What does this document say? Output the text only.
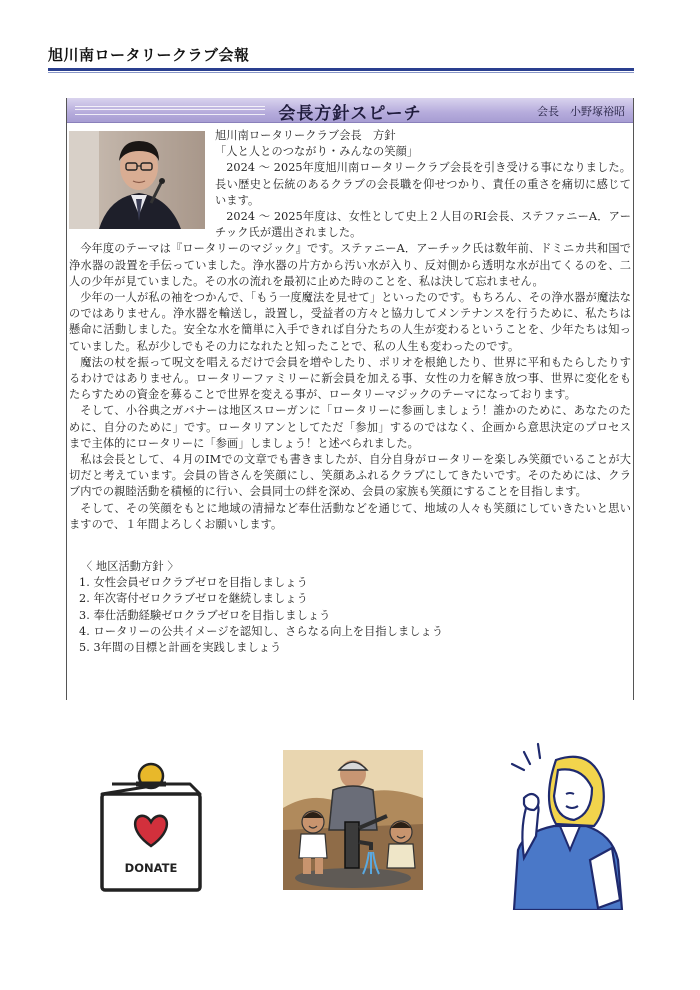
旭川南ロータリークラブ会報
会長方針スピーチ	会長　小野塚裕昭

旭川南ロータリークラブ会長　方針

「人と人とのつながり・みんなの笑顔」

2024 ～ 2025年度旭川南ロータリークラブ会長を引き受ける事になりました。長い歴史と伝統のあるクラブの会長職を仰せつかり、責任の重さを痛切に感じています。

2024 ～ 2025年度は、女性として史上２人目のRI会長、ステファニーA．アーチック氏が選出されました。

今年度のテーマは『ロータリーのマジック』です。ステァニーA．アーチック氏は数年前、ドミニカ共和国で浄水器の設置を手伝っていました。浄水器の片方から汚い水が入り、反対側から透明な水が出てくるのを、二人の少年が見ていました。その水の流れを最初に止めた時のことを、私は決して忘れません。

少年の一人が私の袖をつかんで、「もう一度魔法を見せて」といったのです。もちろん、その浄水器が魔法なのではありません。浄水器を輸送し，設置し，受益者の方々と協力してメンテナンスを行うために、私たちは懸命に活動しました。安全な水を簡単に入手できれば自分たちの人生が変わるということを、少年たちは知っていました。私が少しでもその力になれたと知ったことで、私の人生も変わったのです。

魔法の杖を振って呪文を唱えるだけで会員を増やしたり、ポリオを根絶したり、世界に平和もたらしたりするわけではありません。ロータリーファミリーに新会員を加える事、女性の力を解き放つ事、世界に変化をもたらすための資金を募ることで世界を変える事が、ロータリーマジックのテーマになっております。

そして、小谷典之ガバナーは地区スローガンに「ロータリーに参画しましょう！誰かのために、あなたのために、自分のために」です。ロータリアンとしてただ「参加」するのではなく、企画から意思決定のプロセスまで主体的にロータリーに「参画」しましょう！と述べられました。

私は会長として、４月のIMでの文章でも書きましたが、自分自身がロータリーを楽しみ笑顔でいることが大切だと考えています。会員の皆さんを笑顔にし、笑顔あふれるクラブにしてきたいです。そのためには、クラブ内での親睦活動を積極的に行い、会員同士の絆を深め、会員の家族も笑顔にすることを目指します。

そして、その笑顔をもとに地域の清掃など奉仕活動などを通じて、地域の人々も笑顔にしていきたいと思いますので、１年間よろしくお願いします。

〈 地区活動方針 〉
1. 女性会員ゼロクラブゼロを目指しましょう
2. 年次寄付ゼロクラブゼロを継続しましょう
3. 奉仕活動経験ゼロクラブゼロを目指しましょう
4. ロータリーの公共イメージを認知し、さらなる向上を目指しましょう
5. 3年間の目標と計画を実践しましょう
DONATE
